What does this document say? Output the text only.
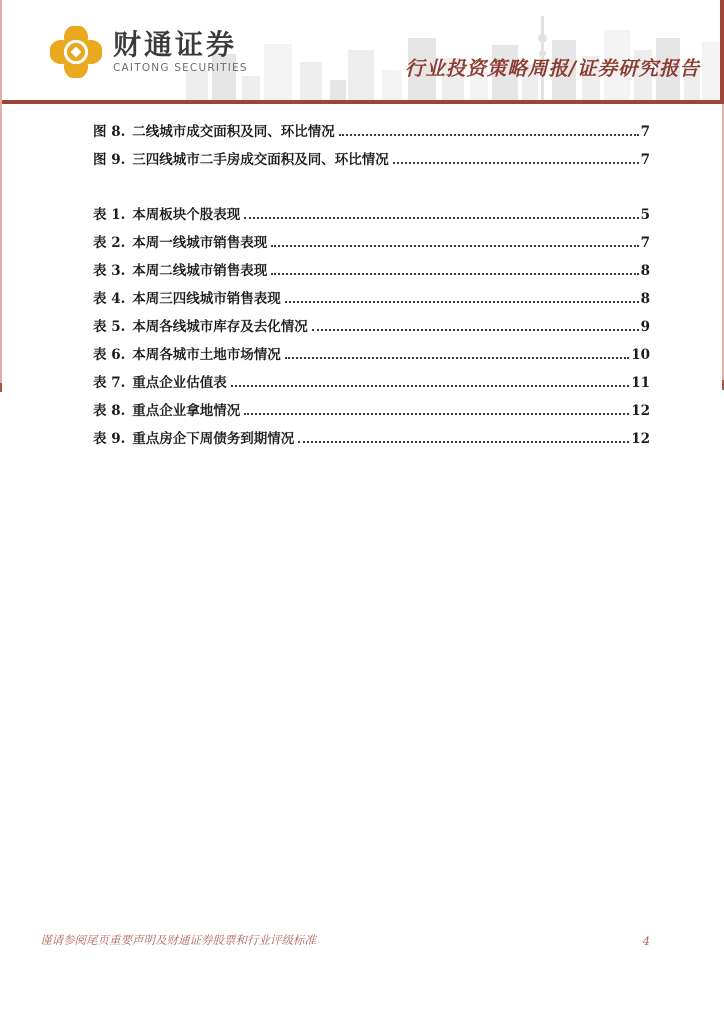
财通证券
CAITONG SECURITIES	行业投资策略周报/证券研究报告
图 8. 二线城市成交面积及同、环比情况	7
图 9. 三四线城市二手房成交面积及同、环比情况	7
表 1. 本周板块个股表现	5
表 2. 本周一线城市销售表现	7
表 3. 本周二线城市销售表现	8
表 4. 本周三四线城市销售表现	8
表 5. 本周各线城市库存及去化情况	9
表 6. 本周各城市土地市场情况	10
表 7. 重点企业估值表	11
表 8. 重点企业拿地情况	12
表 9. 重点房企下周债务到期情况	12
谨请参阅尾页重要声明及财通证券股票和行业评级标准	4
